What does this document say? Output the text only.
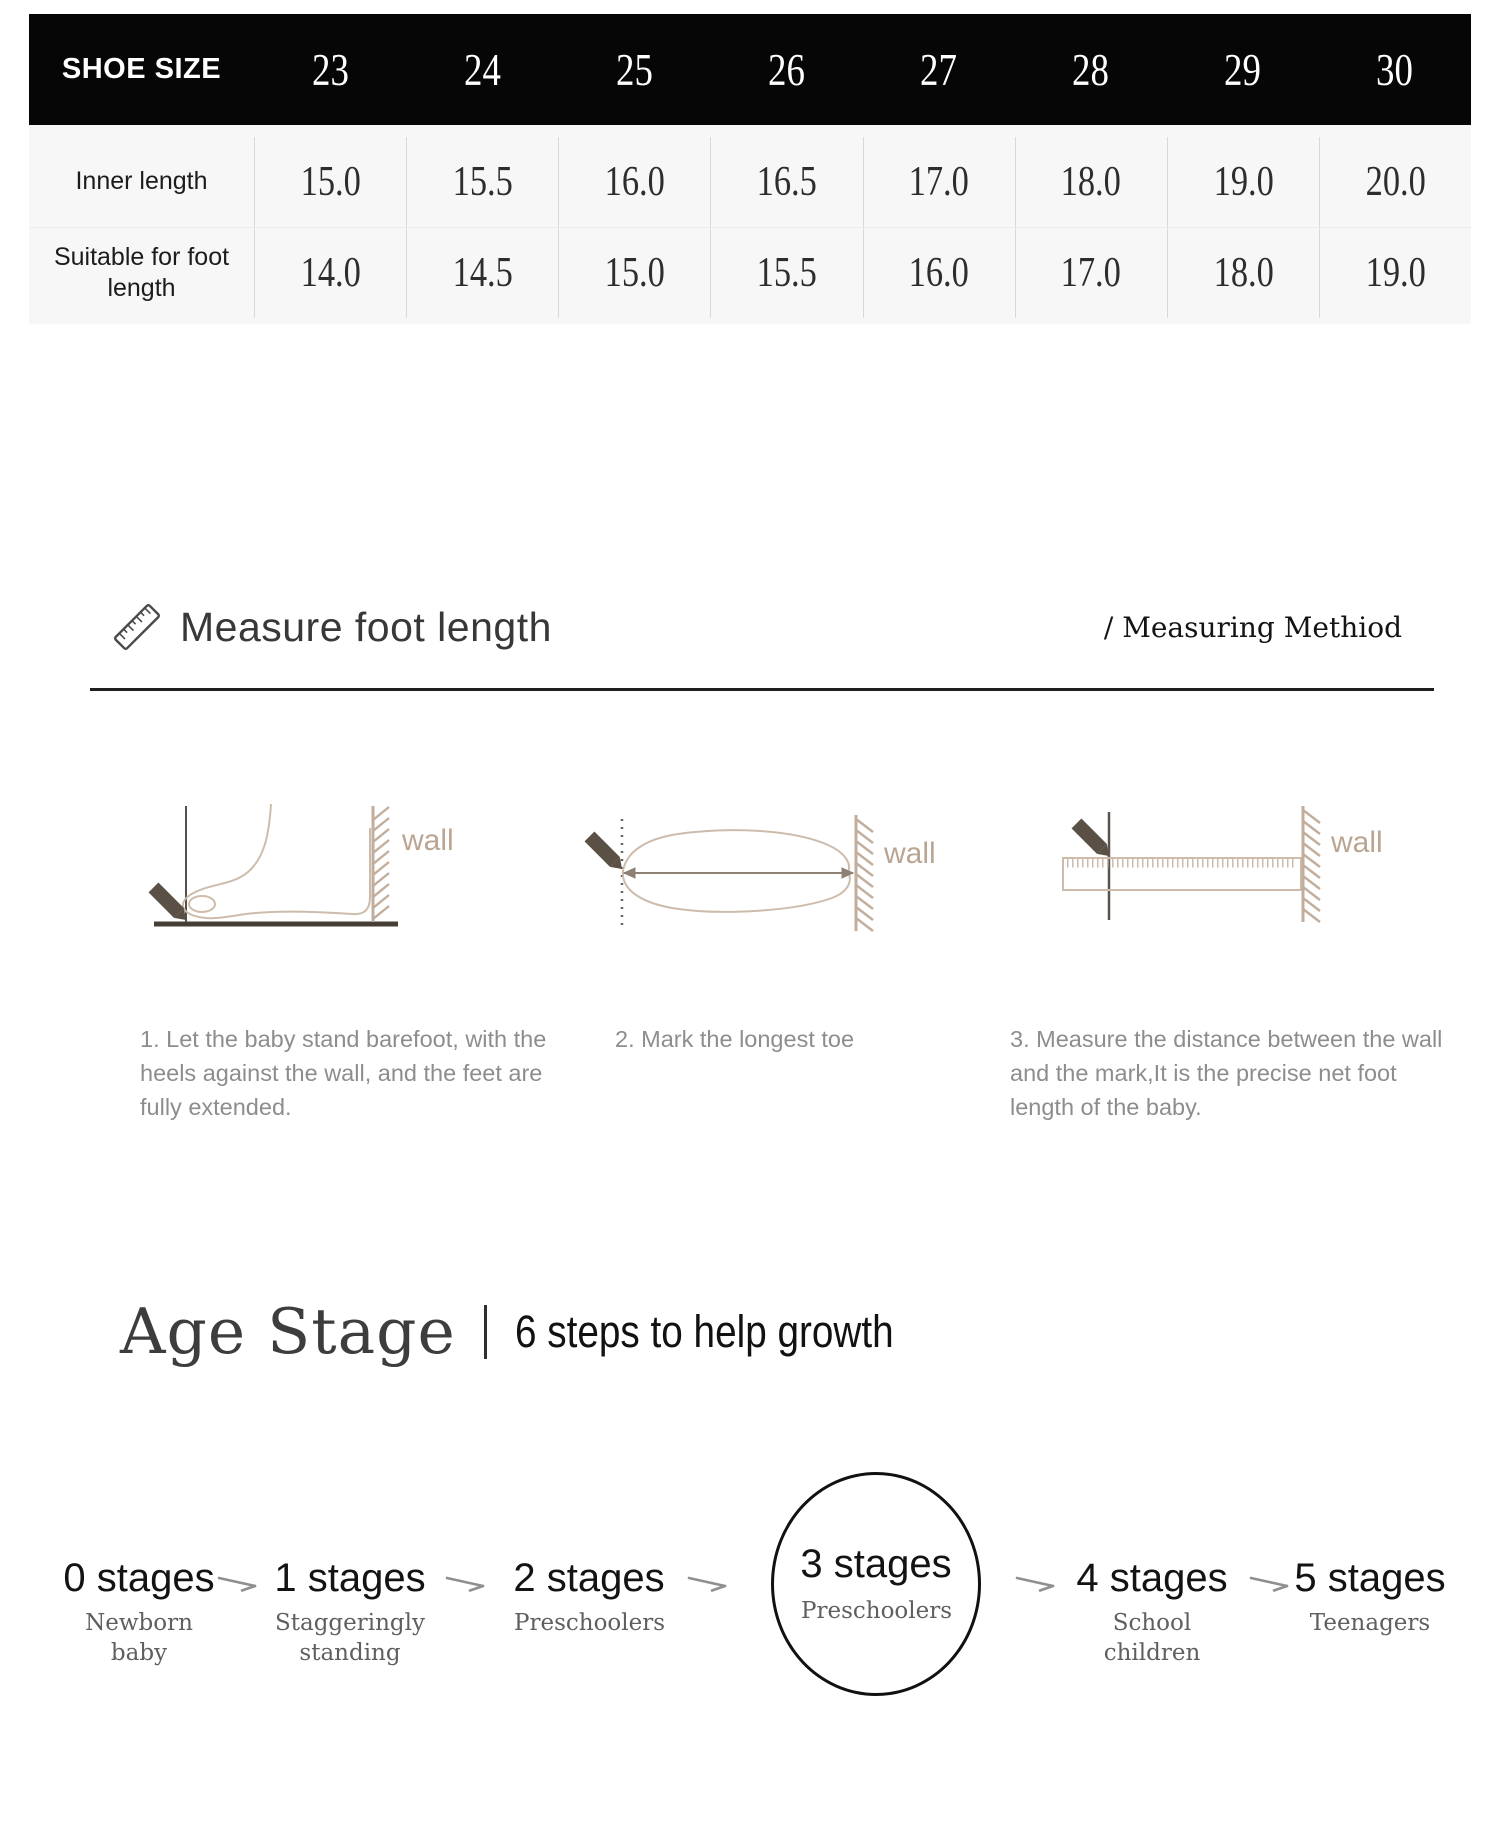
SHOE SIZE	23	24	25	26	27	28	29	30
Inner length	15.0 15.5 16.0 16.5 17.0 18.0 19.0 20.0
Suitable for foot length	14.0 14.5 15.0 15.5 16.0 17.0 18.0 19.0
Measure foot length	/ Measuring Methiod
wall	wall	wall
1. Let the baby stand barefoot, with the heels against the wall, and the feet are fully extended.
2. Mark the longest toe	3. Measure the distance between the wall and the mark,It is the precise net foot length of the baby.
Age Stage 6 steps to help growth
0 stages
Newborn baby
1 stages
Staggeringly standing
2 stages
Preschoolers
3 stages
Preschoolers
4 stages
School children
5 stages
Teenagers
